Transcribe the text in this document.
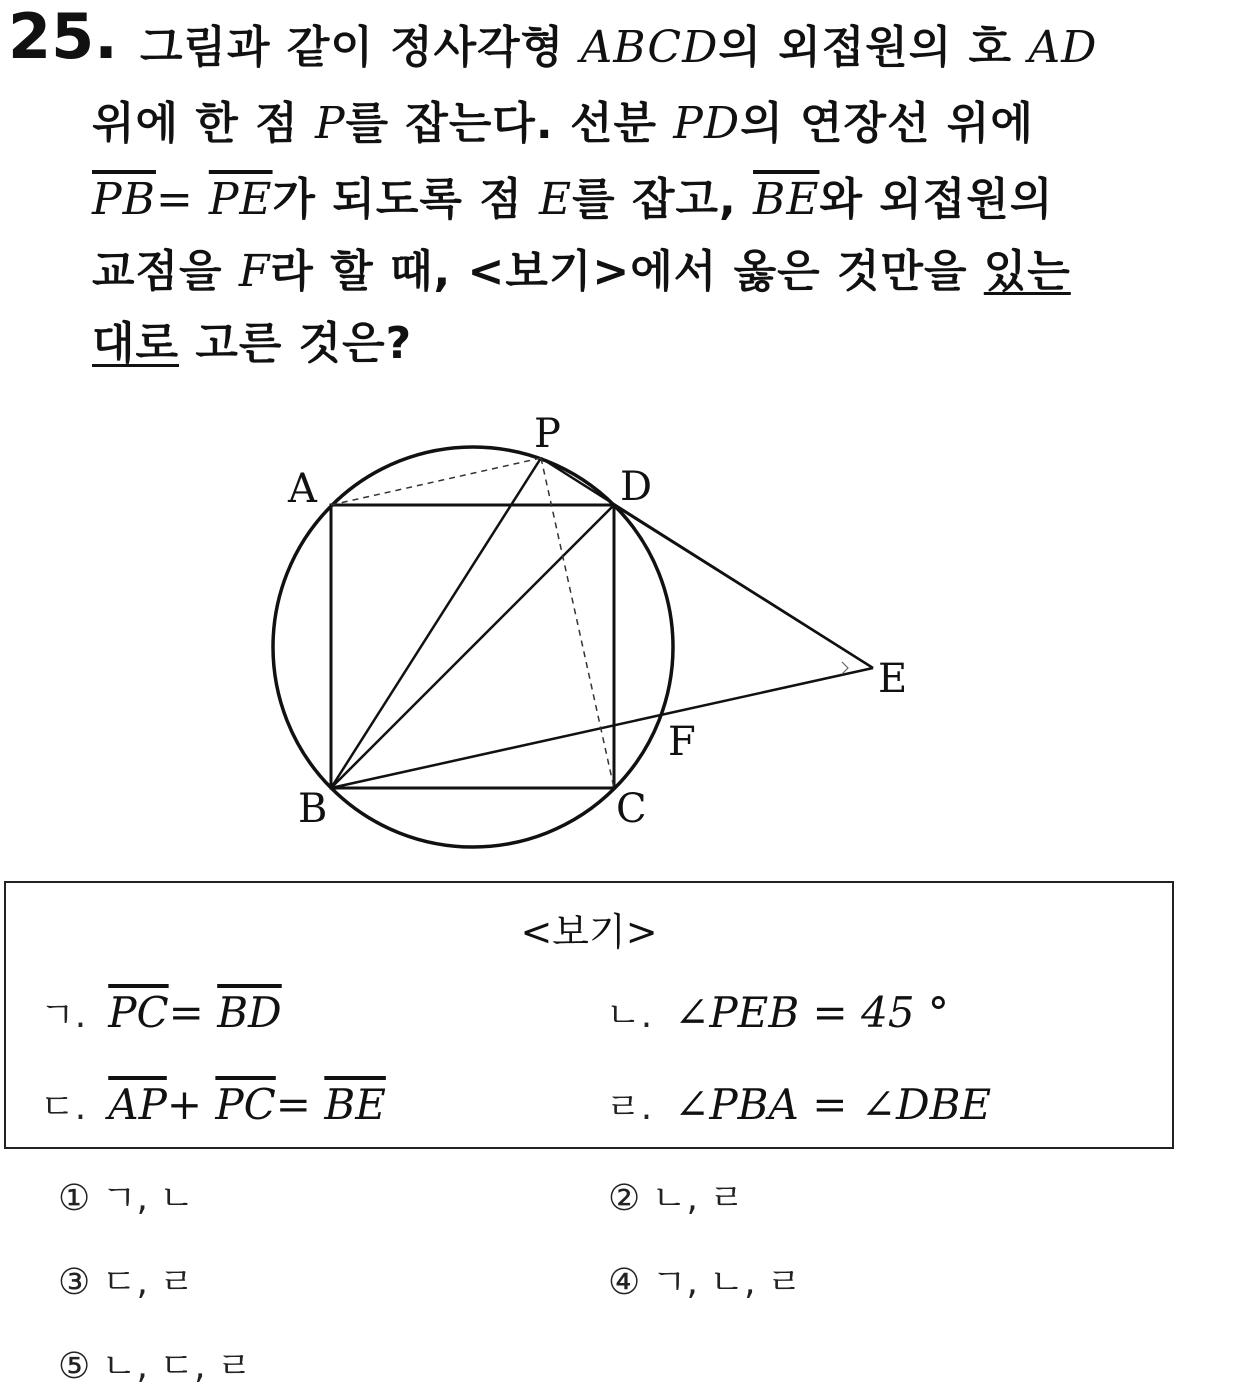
25. 그림과 같이 정사각형 ABCD의 외접원의 호 AD
위에 한 점 P를 잡는다. 선분 PD의 연장선 위에
$\overline{PB}= \overline{PE}$가 되도록 점 E를 잡고, $\overline{BE}$와 외접원의
교점을 F라 할 때, <보기>에서 옳은 것만을 있는
대로 고른 것은?
A
B	C
D
E
F
P
<보기>
ㄱ. $\overline{PC}= \overline{BD}$	ㄴ. ∠PEB = 45 °
ㄷ. $\overline{AP}+ \overline{PC}= \overline{BE}$	ㄹ. ∠PBA = ∠DBE
① ㄱ, ㄴ	② ㄴ, ㄹ
③ ㄷ, ㄹ	④ ㄱ, ㄴ, ㄹ
⑤ ㄴ, ㄷ, ㄹ
